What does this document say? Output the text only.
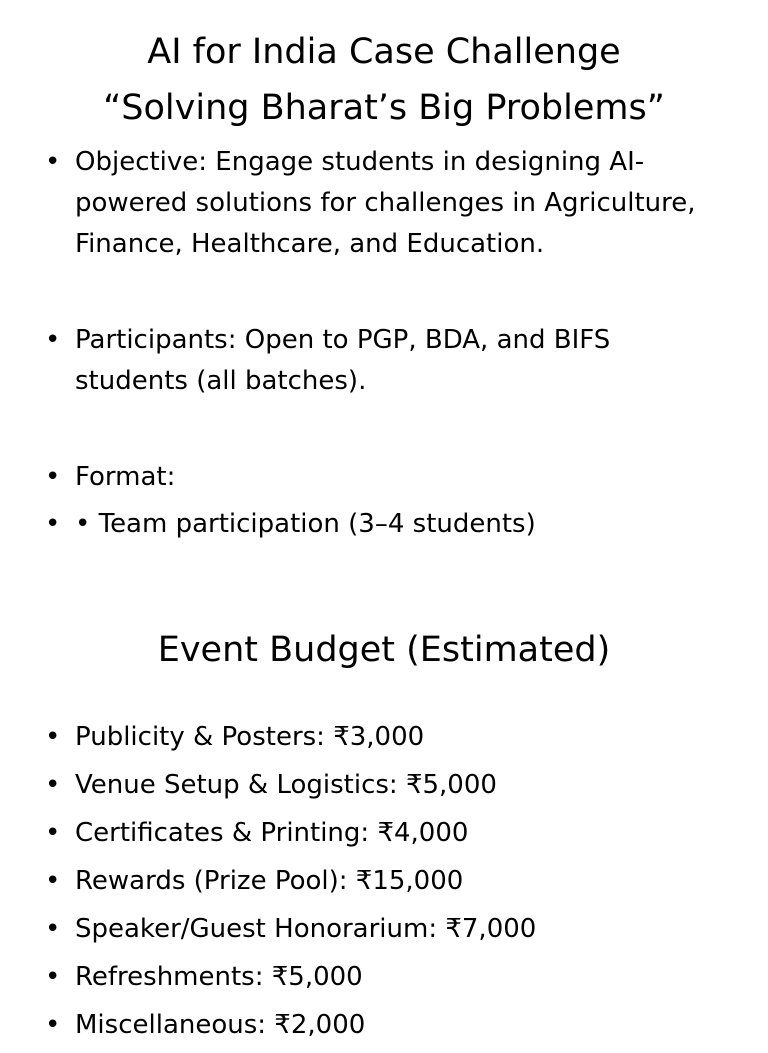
AI for India Case Challenge
“Solving Bharat’s Big Problems”
• Objective: Engage students in designing AI-powered solutions for challenges in Agriculture, Finance, Healthcare, and Education.
• Participants: Open to PGP, BDA, and BIFS students (all batches).
• Format:
• • Team participation (3–4 students)
Event Budget (Estimated)
• Publicity & Posters: ₹3,000
• Venue Setup & Logistics: ₹5,000
• Certificates & Printing: ₹4,000
• Rewards (Prize Pool): ₹15,000
• Speaker/Guest Honorarium: ₹7,000
• Refreshments: ₹5,000
• Miscellaneous: ₹2,000
